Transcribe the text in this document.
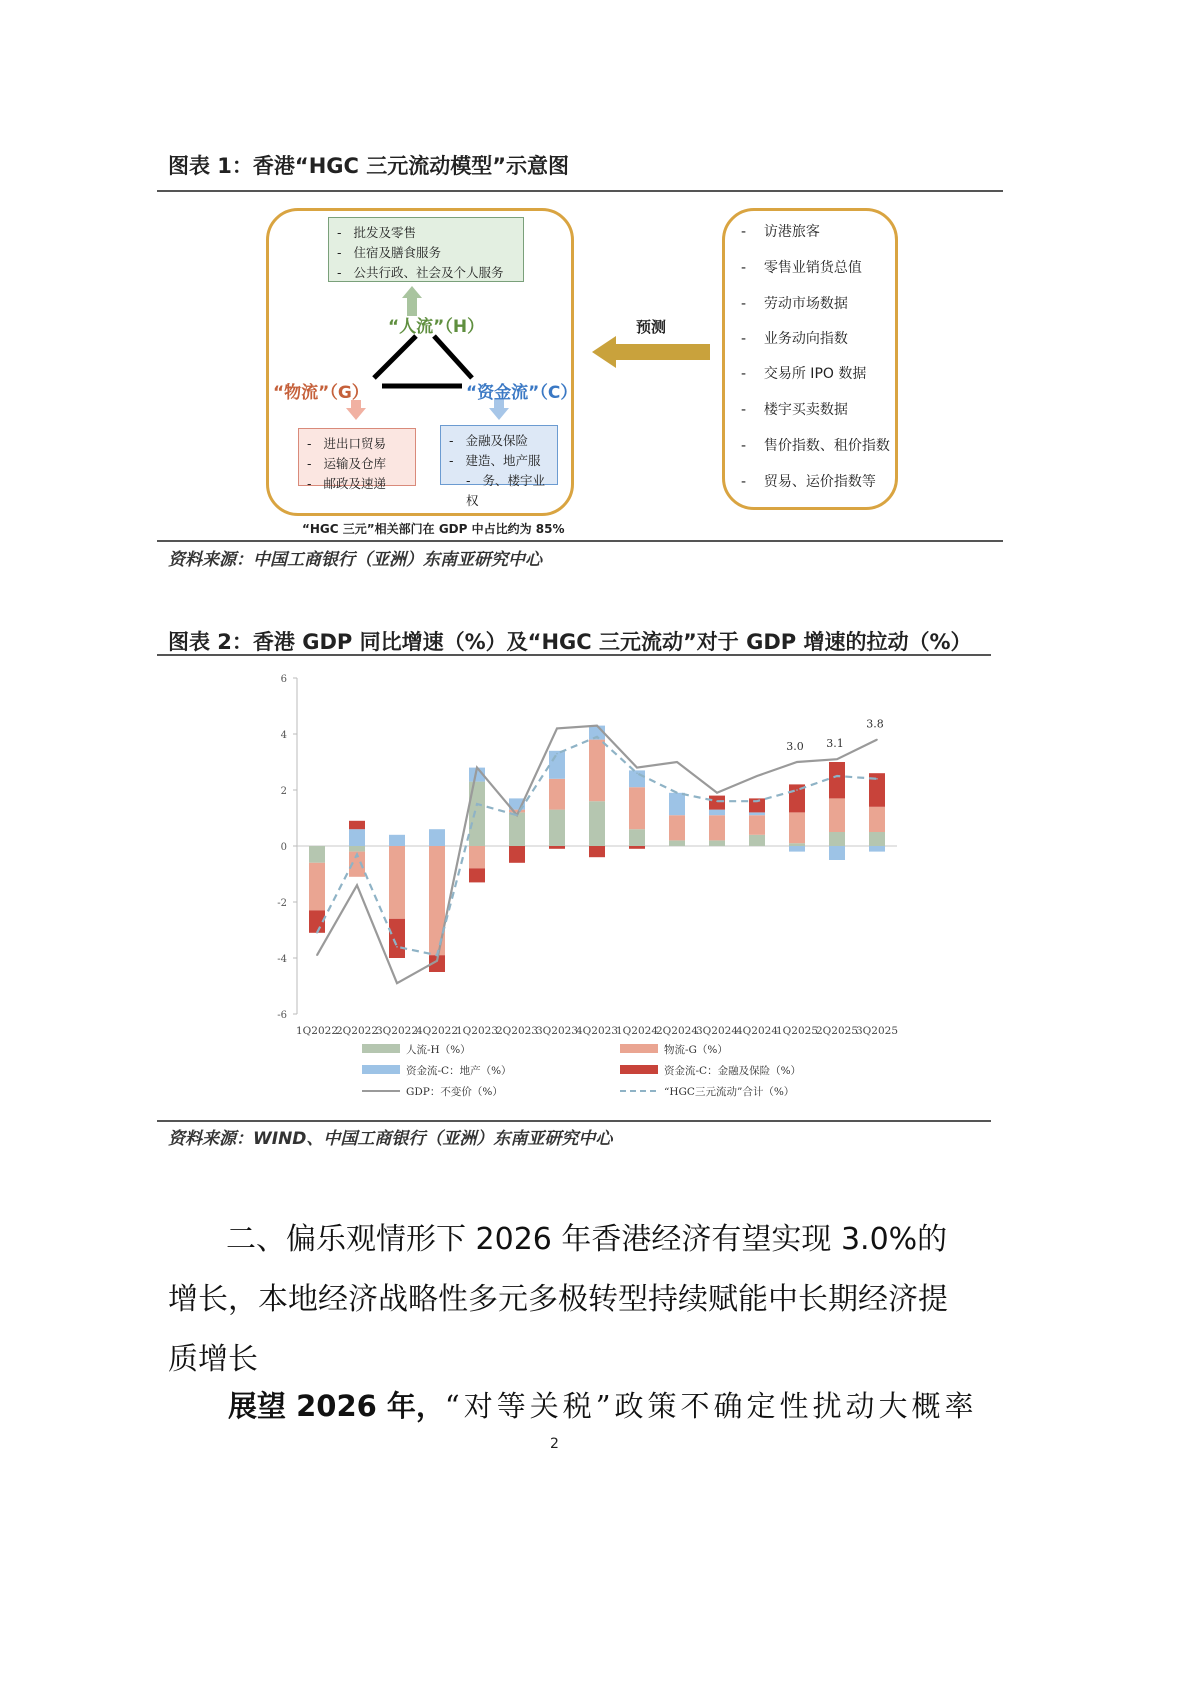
图表 1：香港“HGC 三元流动模型”示意图
-   批发及零售
-   住宿及膳食服务
-   公共行政、社会及个人服务
“人流”（H）
“物流”（G）	“资金流”（C）
-   进出口贸易
-   运输及仓库
-   邮政及速递
-   金融及保险
-   建造、地产服
-   务、楼宇业权
“HGC 三元”相关部门在 GDP 中占比约为 85%
预测
-    访港旅客
-    零售业销货总值
-    劳动市场数据
-    业务动向指数
-    交易所 IPO 数据
-    楼宇买卖数据
-    售价指数、租价指数
-    贸易、运价指数等
资料来源：中国工商银行（亚洲）东南亚研究中心
图表 2：香港 GDP 同比增速（%）及“HGC 三元流动”对于 GDP 增速的拉动（%）
-6
-4
-2
0
2
4
6
1Q2022
2Q2022
3Q2022
4Q2022
1Q2023
2Q2023
3Q2023
4Q2023
1Q2024
2Q2024
3Q2024
4Q2024
1Q2025
2Q2025
3Q2025
3.0 3.1
3.8
人流-H（%）	物流-G（%）
资金流-C：地产（%）	资金流-C：金融及保险（%）
GDP：不变价（%）	“HGC三元流动”合计（%）
资料来源：WIND、中国工商银行（亚洲）东南亚研究中心
二、偏乐观情形下 2026 年香港经济有望实现 3.0%的增长，本地经济战略性多元多极转型持续赋能中长期经济提质增长
展望 2026 年，“对等关税”政策不确定性扰动大概率
2
